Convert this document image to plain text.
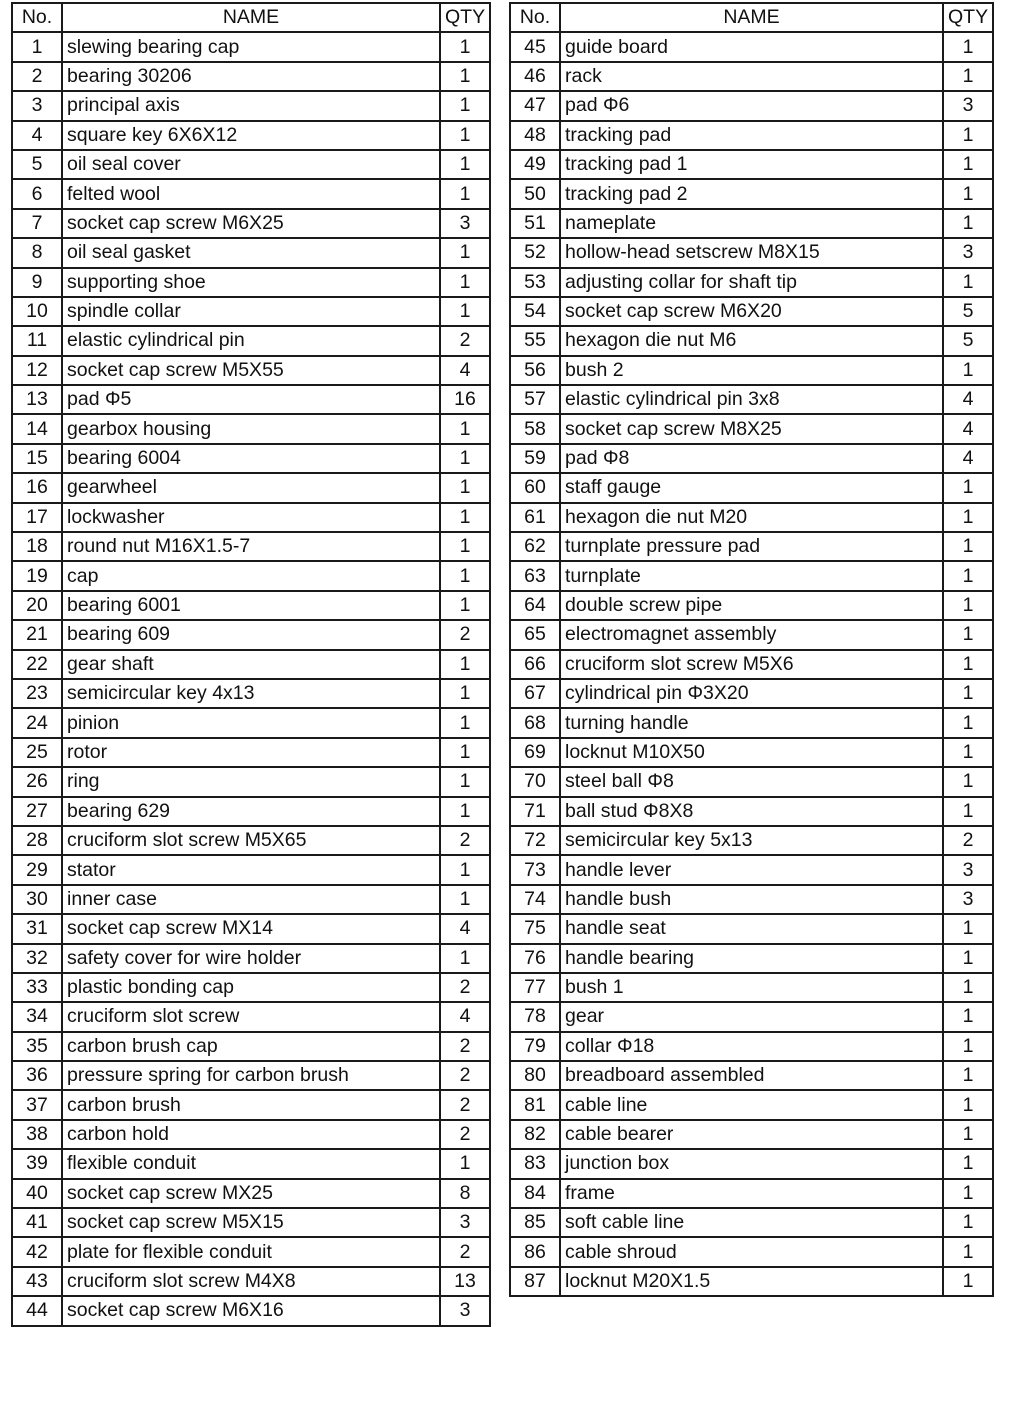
No.	NAME	QTY
1	slewing bearing cap	1
2	bearing 30206	1
3	principal axis	1
4	square key 6X6X12	1
5	oil seal cover	1
6	felted wool	1
7	socket cap screw M6X25	3
8	oil seal gasket	1
9	supporting shoe	1
10	spindle collar	1
11	elastic cylindrical pin	2
12	socket cap screw M5X55	4
13	pad Φ5	16
14	gearbox housing	1
15	bearing 6004	1
16	gearwheel	1
17	lockwasher	1
18	round nut M16X1.5-7	1
19	cap	1
20	bearing 6001	1
21	bearing 609	2
22	gear shaft	1
23	semicircular key 4x13	1
24	pinion	1
25	rotor	1
26	ring	1
27	bearing 629	1
28	cruciform slot screw M5X65	2
29	stator	1
30	inner case	1
31	socket cap screw MX14	4
32	safety cover for wire holder	1
33	plastic bonding cap	2
34	cruciform slot screw	4
35	carbon brush cap	2
36	pressure spring for carbon brush	2
37	carbon brush	2
38	carbon hold	2
39	flexible conduit	1
40	socket cap screw MX25	8
41	socket cap screw M5X15	3
42	plate for flexible conduit	2
43	cruciform slot screw M4X8	13
44	socket cap screw M6X16	3
No.	NAME	QTY
45	guide board	1
46	rack	1
47	pad Φ6	3
48	tracking pad	1
49	tracking pad 1	1
50	tracking pad 2	1
51	nameplate	1
52	hollow-head setscrew M8X15	3
53	adjusting collar for shaft tip	1
54	socket cap screw M6X20	5
55	hexagon die nut M6	5
56	bush 2	1
57	elastic cylindrical pin 3x8	4
58	socket cap screw M8X25	4
59	pad Φ8	4
60	staff gauge	1
61	hexagon die nut M20	1
62	turnplate pressure pad	1
63	turnplate	1
64	double screw pipe	1
65	electromagnet assembly	1
66	cruciform slot screw M5X6	1
67	cylindrical pin Φ3X20	1
68	turning handle	1
69	locknut M10X50	1
70	steel ball Φ8	1
71	ball stud Φ8X8	1
72	semicircular key 5x13	2
73	handle lever	3
74	handle bush	3
75	handle seat	1
76	handle bearing	1
77	bush 1	1
78	gear	1
79	collar Φ18	1
80	breadboard assembled	1
81	cable line	1
82	cable bearer	1
83	junction box	1
84	frame	1
85	soft cable line	1
86	cable shroud	1
87	locknut M20X1.5	1
